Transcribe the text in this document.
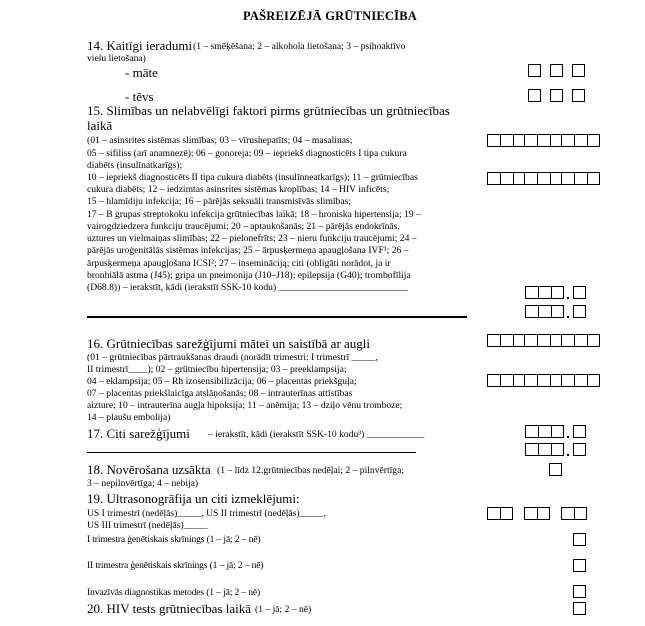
PAŠREIZĒJĀ GRŪTNIECĪBA
14. Kaitīgi ieradumi (1 – smēķēšana; 2 – alkohola lietošana; 3 – psihoaktīvo
vielu lietošana)
- māte
- tēvs
15. Slimības un nelabvēlīgi faktori pirms grūtniecības un grūtniecības
laikā
(01 – asinsrites sistēmas slimības; 03 – vīrushepatīts; 04 – masalinas;
05 – sifiliss (arī anamnezē); 06 – gonoreja; 09 – iepriekš diagnosticēts I tipa cukura
diabēts (insulīnatkarīgs);
10 – iepriekš diagnosticēts II tipa cukura diabēts (insulīnneatkarīgs); 11 – grūtniecības
cukura diabēts; 12 – iedzimtas asinsrites sistēmas kroplības; 14 – HIV inficēts;
15 – hlamīdiju infekcija; 16 – pārējās seksuāli transmisīvās slimības;
17 – B grupas streptokoku infekcija grūtniecības laikā; 18 – hroniska hipertensija; 19 –
vairogdziedzera funkciju traucējumi; 20 – aptaukošanās; 21 – pārējās endokrīnās,
uztures un vielmaiņas slimības; 22 – pielonefrīts; 23 – nieru funkciju traucējumi; 24 –
pārējās uroģenitālās sistēmas infekcijas; 25 – ārpusķermeņa apaugļošana IVF¹; 26 –
ārpusķermeņa apaugļošana ICSI²; 27 – insemināciją; citi (obligāti norādot, ja ir
bronhiālā astma (J45); gripa un pneimonija (J10–J18); epilepsija (G40); trombofīlija
(D68.8)) – ierakstīt, kādi (ierakstīt SSK-10 kodu) ___________________________
16. Grūtniecības sarežģījumi mātei un saistībā ar augli
(01 – grūtniecības pārtraukšanas draudi (norādīt trimestri: I trimestrī _____,
II trimestrī____); 02 – grūtniecību hipertensija; 03 – preeklampsija;
04 – eklampsija; 05 – Rh izosensibilizācija; 06 – placentas priekšguļa;
07 – placentas priekšlaicīga atslāņošanās; 08 – intrauterīnas attīstības
aizture; 10 – intrauterīna augļa hipoksija; 11 – anēmija; 13 – dziļo vēnu tromboze;
14 – plaušu embolija)
17. Citi sarežģījumi – ierakstīt, kādi (ierakstīt SSK-10 kodu³) ____________
18. Novērošana uzsākta (1 – līdz 12.grūtniecības nedēļai; 2 – pilnvērtīga;
3 – nepilnvērtīga; 4 – nebija)
19. Ultrasonogrāfija un citi izmeklējumi:
US I trimestrī (nedēļās)_____, US II trimestrī (nedēļās)_____,
US III trimestrī (nedēļās)_____
I trimestra ģenētiskais skrīnings (1 – jā; 2 – nē)
II trimestra ģenētiskais skrīnings (1 – jā; 2 – nē)
Invazīvās diagnostikas metodes (1 – jā; 2 – nē)
20. HIV tests grūtniecības laikā (1 – jā; 2 – nē)
